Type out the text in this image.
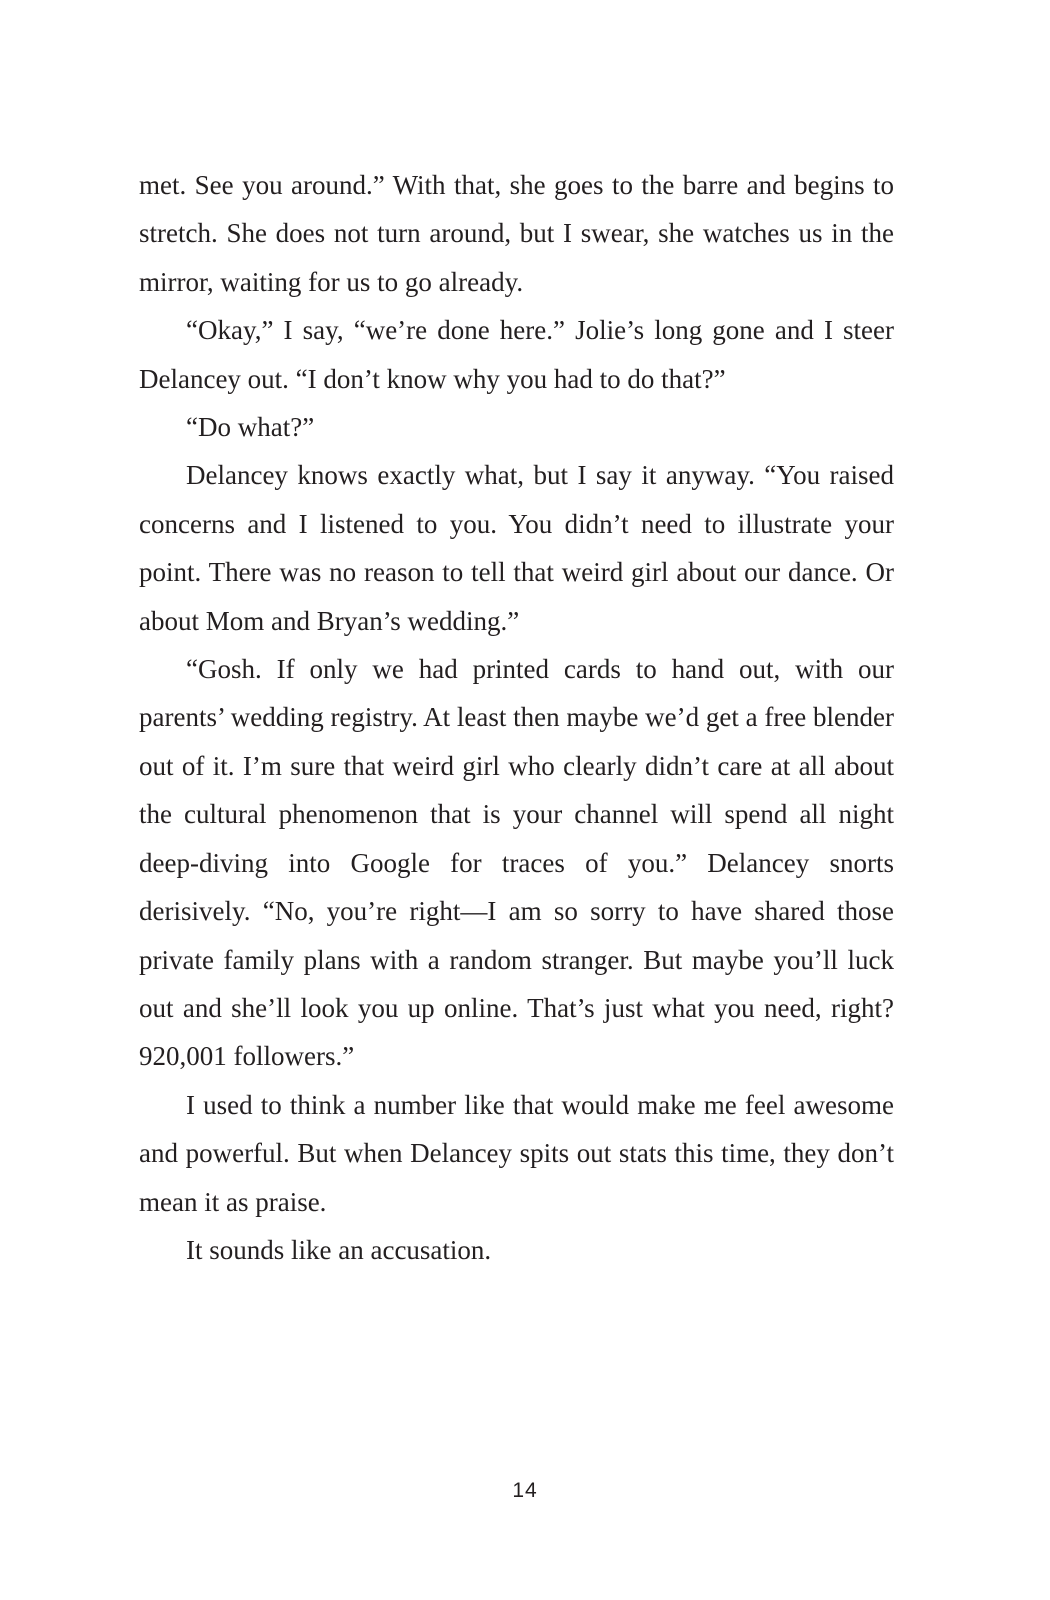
met. See you around.” With that, she goes to the barre and begins to stretch. She does not turn around, but I swear, she watches us in the mirror, waiting for us to go already.

“Okay,” I say, “we’re done here.” Jolie’s long gone and I steer Delancey out. “I don’t know why you had to do that?”

“Do what?”

Delancey knows exactly what, but I say it anyway. “You raised concerns and I listened to you. You didn’t need to illustrate your point. There was no reason to tell that weird girl about our dance. Or about Mom and Bryan’s wedding.”

“Gosh. If only we had printed cards to hand out, with our parents’ wedding registry. At least then maybe we’d get a free blender out of it. I’m sure that weird girl who clearly didn’t care at all about the cultural phenomenon that is your channel will spend all night deep-diving into Google for traces of you.” Delancey snorts derisively. “No, you’re right—I am so sorry to have shared those private family plans with a random stranger. But maybe you’ll luck out and she’ll look you up online. That’s just what you need, right? 920,001 followers.”

I used to think a number like that would make me feel awesome and powerful. But when Delancey spits out stats this time, they don’t mean it as praise.

It sounds like an accusation.

14
